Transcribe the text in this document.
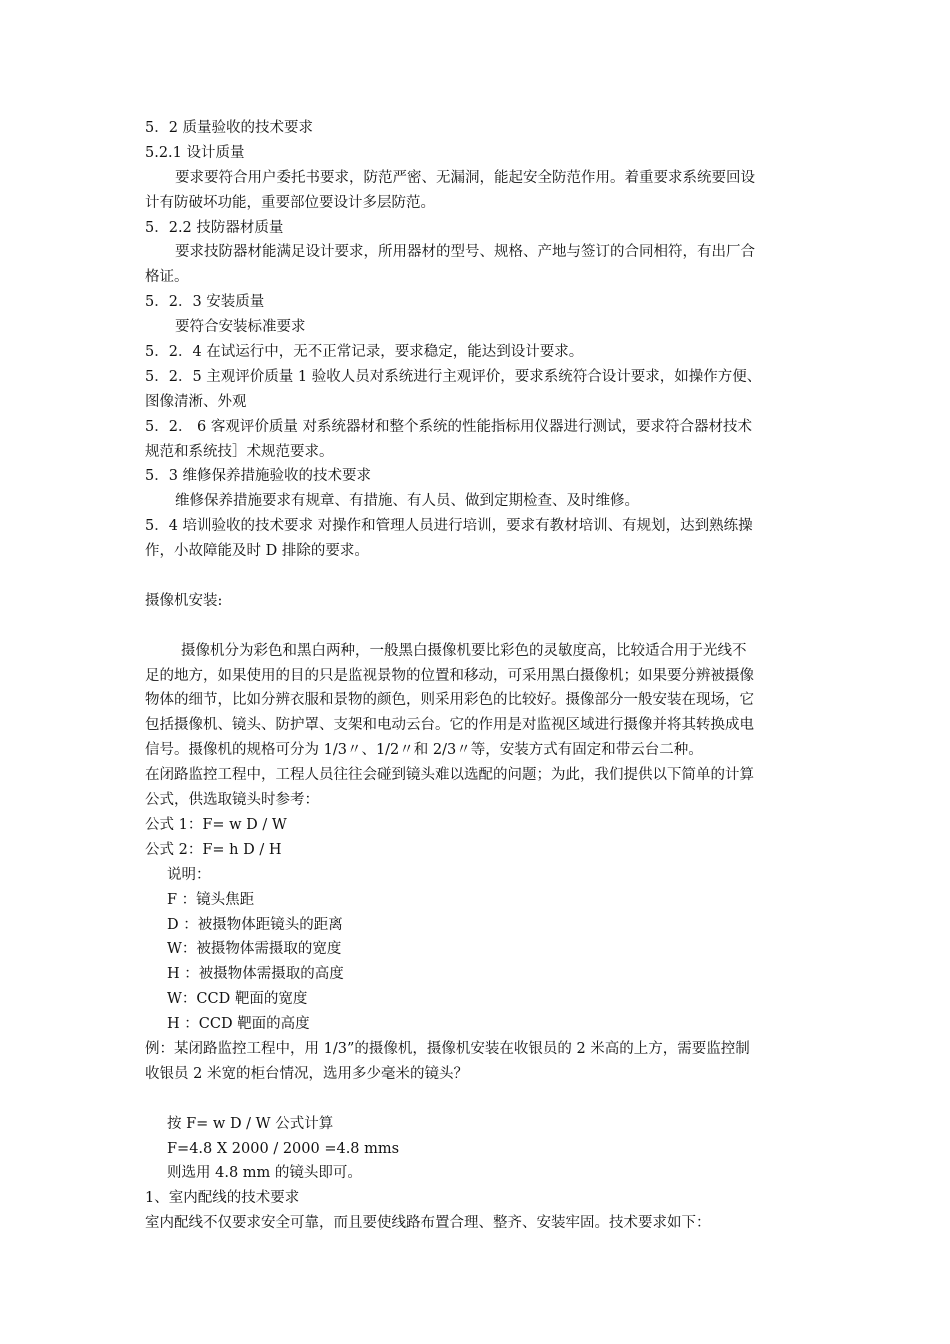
5．2 质量验收的技术要求
5.2.1 设计质量
要求要符合用户委托书要求，防范严密、无漏洞，能起安全防范作用。着重要求系统要回设
计有防破坏功能，重要部位要设计多层防范。
5．2.2 技防器材质量
要求技防器材能满足设计要求，所用器材的型号、规格、产地与签订的合同相符，有出厂合
格证。
5．2．3 安装质量
要符合安装标准要求
5．2．4 在试运行中，无不正常记录，要求稳定，能达到设计要求。
5．2．5 主观评价质量 1 验收人员对系统进行主观评价，要求系统符合设计要求，如操作方便、
图像清淅、外观
5．2． 6 客观评价质量 对系统器材和整个系统的性能指标用仪器进行测试，要求符合器材技术
规范和系统技］术规范要求。
5．3 维修保养措施验收的技术要求
维修保养措施要求有规章、有措施、有人员、做到定期检查、及时维修。
5．4 培训验收的技术要求 对操作和管理人员进行培训，要求有教材培训、有规划，达到熟练操
作，小故障能及时 D 排除的要求。
摄像机安装:
摄像机分为彩色和黑白两种，一般黑白摄像机要比彩色的灵敏度高，比较适合用于光线不
足的地方，如果使用的目的只是监视景物的位置和移动，可采用黑白摄像机；如果要分辨被摄像
物体的细节，比如分辨衣服和景物的颜色，则采用彩色的比较好。摄像部分一般安装在现场，它
包括摄像机、镜头、防护罩、支架和电动云台。它的作用是对监视区域进行摄像并将其转换成电
信号。摄像机的规格可分为 1/3〃、1/2〃和 2/3〃等，安装方式有固定和带云台二种。
在闭路监控工程中，工程人员往往会碰到镜头难以选配的问题；为此，我们提供以下简单的计算
公式，供选取镜头时参考：
公式 1：F= w D / W
公式 2：F= h D / H
说明：
F ：镜头焦距
D ：被摄物体距镜头的距离
W：被摄物体需摄取的宽度
H ：被摄物体需摄取的高度
W：CCD 靶面的宽度
H ：CCD 靶面的高度
例：某闭路监控工程中，用 1/3”的摄像机，摄像机安装在收银员的 2 米高的上方，需要监控制
收银员 2 米宽的柜台情况，选用多少毫米的镜头？
按 F= w D / W 公式计算
F=4.8 X 2000 / 2000 =4.8 mms
则选用 4.8 mm 的镜头即可。
1、室内配线的技术要求
室内配线不仅要求安全可靠，而且要使线路布置合理、整齐、安装牢固。技术要求如下：
